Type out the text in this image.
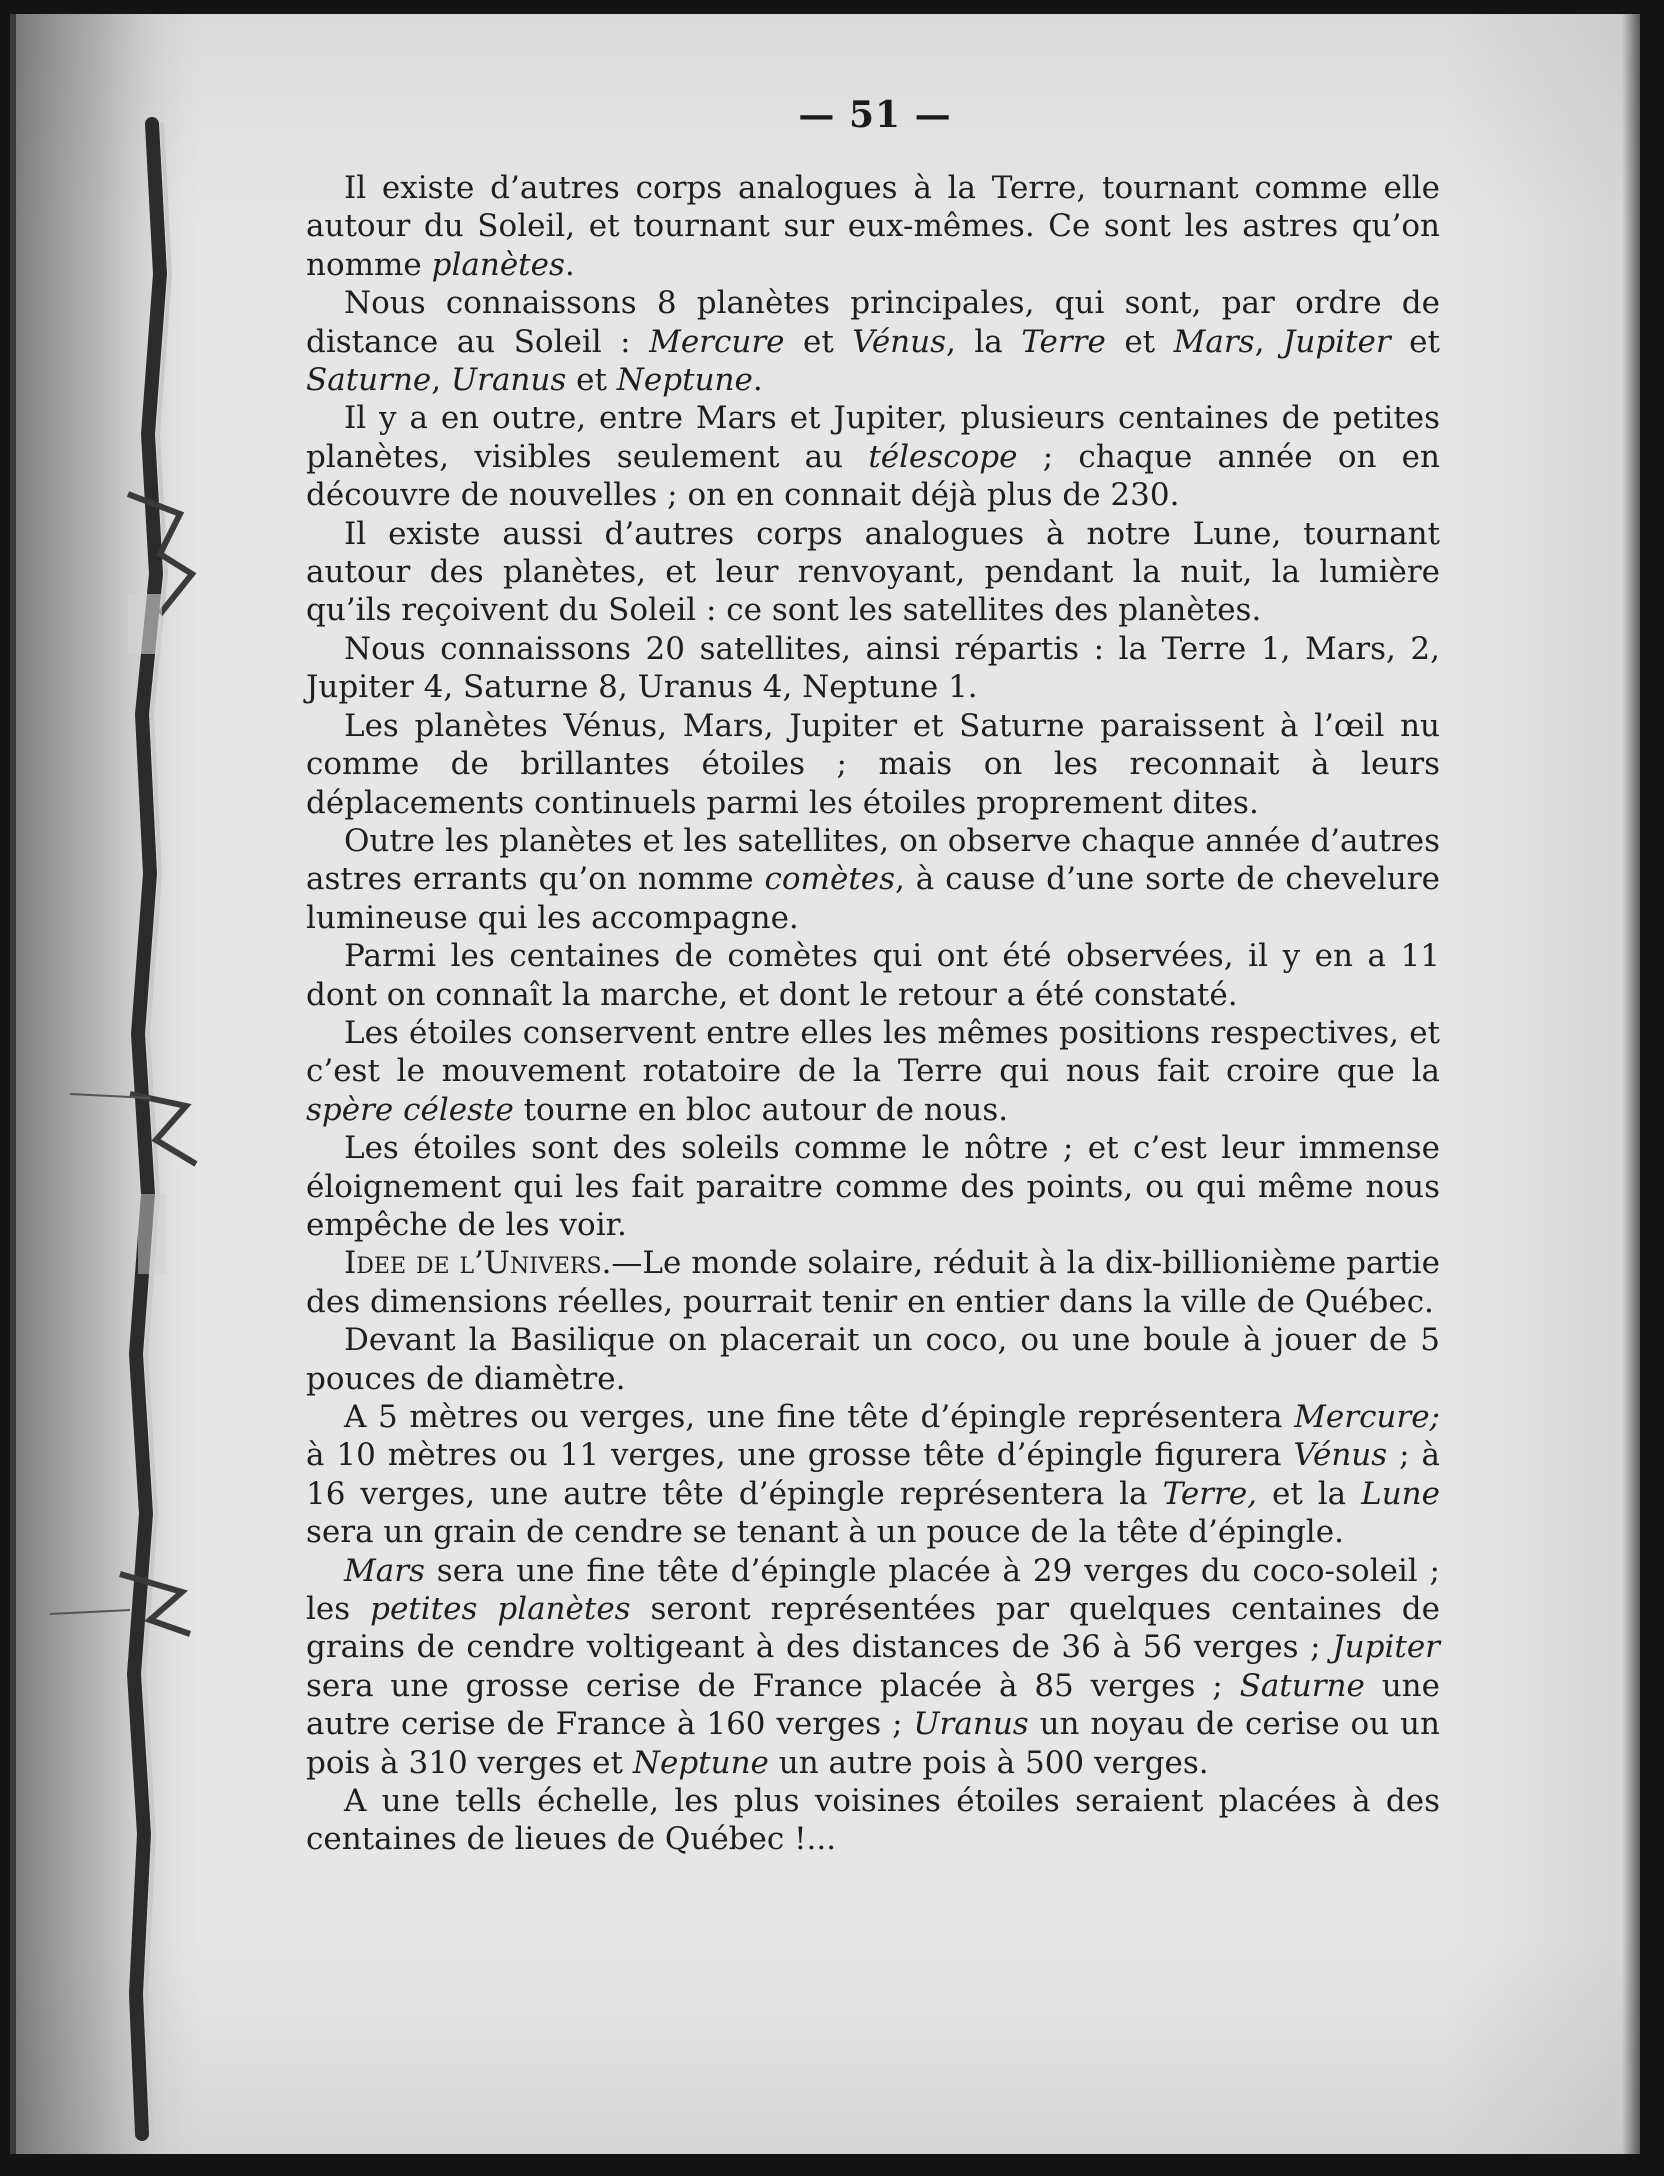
— 51 —

Il existe d’autres corps analogues à la Terre, tournant comme elle autour du Soleil, et tournant sur eux-mêmes. Ce sont les astres qu’on nomme planètes.

Nous connaissons 8 planètes principales, qui sont, par ordre de distance au Soleil : Mercure et Vénus, la Terre et Mars, Jupiter et Saturne, Uranus et Neptune.

Il y a en outre, entre Mars et Jupiter, plusieurs centaines de petites planètes, visibles seulement au télescope ; chaque année on en découvre de nouvelles ; on en connait déjà plus de 230.

Il existe aussi d’autres corps analogues à notre Lune, tournant autour des planètes, et leur renvoyant, pendant la nuit, la lumière qu’ils reçoivent du Soleil : ce sont les satellites des planètes.

Nous connaissons 20 satellites, ainsi répartis : la Terre 1, Mars, 2, Jupiter 4, Saturne 8, Uranus 4, Neptune 1.

Les planètes Vénus, Mars, Jupiter et Saturne paraissent à l’œil nu comme de brillantes étoiles ; mais on les reconnait à leurs déplacements continuels parmi les étoiles proprement dites.

Outre les planètes et les satellites, on observe chaque année d’autres astres errants qu’on nomme comètes, à cause d’une sorte de chevelure lumineuse qui les accompagne.

Parmi les centaines de comètes qui ont été observées, il y en a 11 dont on connaît la marche, et dont le retour a été constaté.

Les étoiles conservent entre elles les mêmes positions respectives, et c’est le mouvement rotatoire de la Terre qui nous fait croire que la spère céleste tourne en bloc autour de nous.

Les étoiles sont des soleils comme le nôtre ; et c’est leur immense éloignement qui les fait paraitre comme des points, ou qui même nous empêche de les voir.

Idee de l’Univers.—Le monde solaire, réduit à la dix-billionième partie des dimensions réelles, pourrait tenir en entier dans la ville de Québec.

Devant la Basilique on placerait un coco, ou une boule à jouer de 5 pouces de diamètre.

A 5 mètres ou verges, une fine tête d’épingle représentera Mercure; à 10 mètres ou 11 verges, une grosse tête d’épingle figurera Vénus ; à 16 verges, une autre tête d’épingle représentera la Terre, et la Lune sera un grain de cendre se tenant à un pouce de la tête d’épingle.

Mars sera une fine tête d’épingle placée à 29 verges du coco-soleil ; les petites planètes seront représentées par quelques centaines de grains de cendre voltigeant à des distances de 36 à 56 verges ; Jupiter sera une grosse cerise de France placée à 85 verges ; Saturne une autre cerise de France à 160 verges ; Uranus un noyau de cerise ou un pois à 310 verges et Neptune un autre pois à 500 verges.

A une tells échelle, les plus voisines étoiles seraient placées à des centaines de lieues de Québec !...
